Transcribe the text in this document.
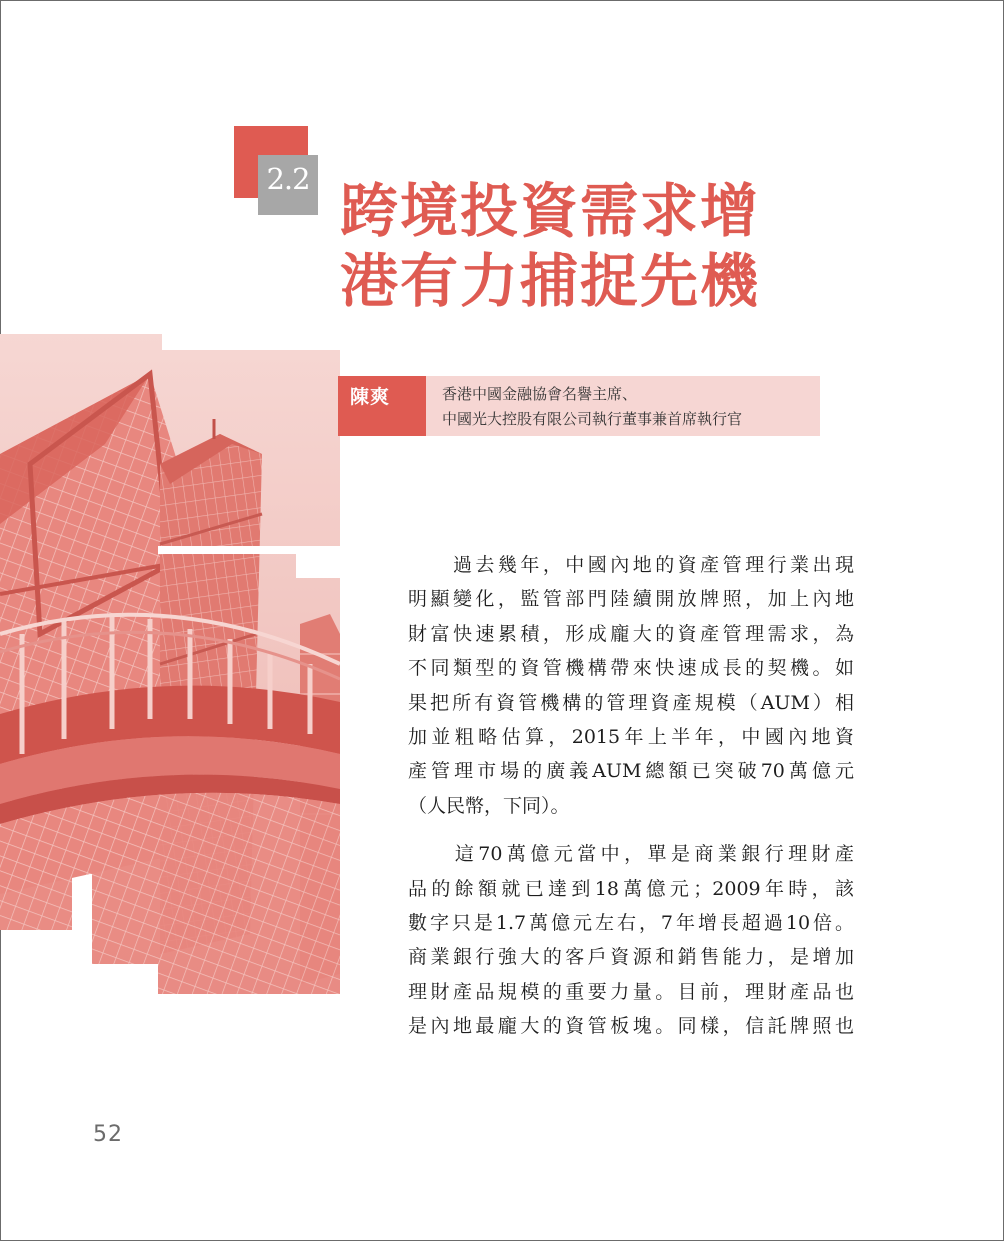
2.2 跨境投資需求增
港有力捕捉先機
陳爽	香港中國金融協會名譽主席、
中國光大控股有限公司執行董事兼首席執行官

　　過去幾年，中國內地的資產管理行業出現
明顯變化，監管部門陸續開放牌照，加上內地
財富快速累積，形成龐大的資產管理需求，為
不同類型的資管機構帶來快速成長的契機。如
果把所有資管機構的管理資產規模（AUM）相
加並粗略估算，2015年上半年，中國內地資
產管理市場的廣義AUM總額已突破70萬億元
（人民幣，下同）。

　　這70萬億元當中，單是商業銀行理財產
品的餘額就已達到18萬億元；2009年時，該
數字只是1.7萬億元左右，7年增長超過10倍。
商業銀行強大的客戶資源和銷售能力，是增加
理財產品規模的重要力量。目前，理財產品也
是內地最龐大的資管板塊。同樣，信託牌照也

52
